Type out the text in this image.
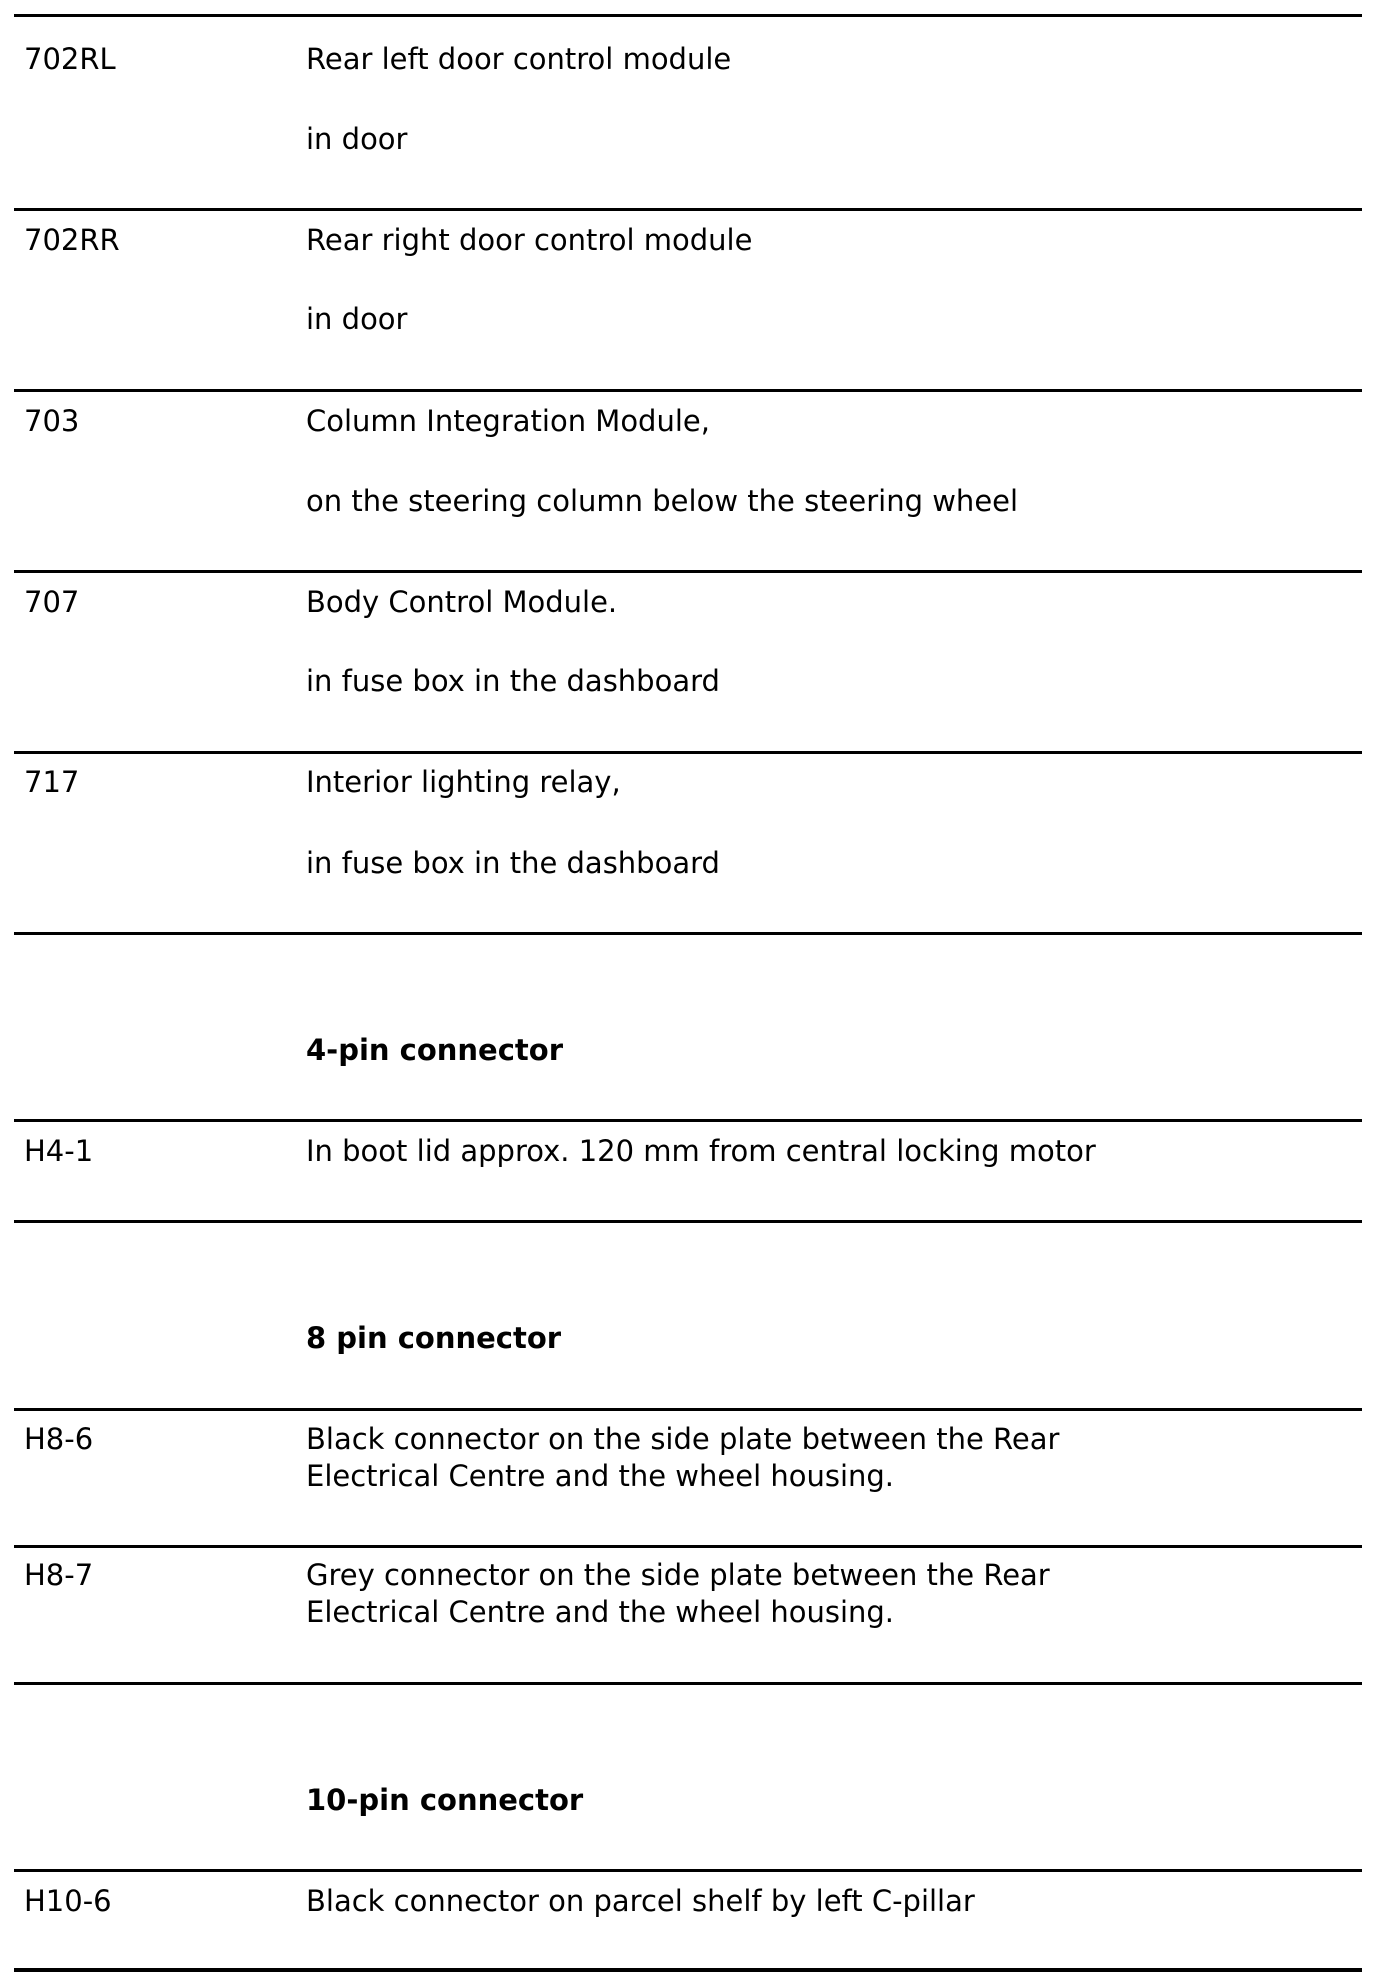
702RL	Rear left door control module
in door
702RR	Rear right door control module
in door
703	Column Integration Module,
on the steering column below the steering wheel
707	Body Control Module.
in fuse box in the dashboard
717	Interior lighting relay,
in fuse box in the dashboard
4-pin connector
H4-1	In boot lid approx. 120 mm from central locking motor
8 pin connector
H8-6	Black connector on the side plate between the Rear
Electrical Centre and the wheel housing.
H8-7	Grey connector on the side plate between the Rear
Electrical Centre and the wheel housing.
10-pin connector
H10-6	Black connector on parcel shelf by left C-pillar
